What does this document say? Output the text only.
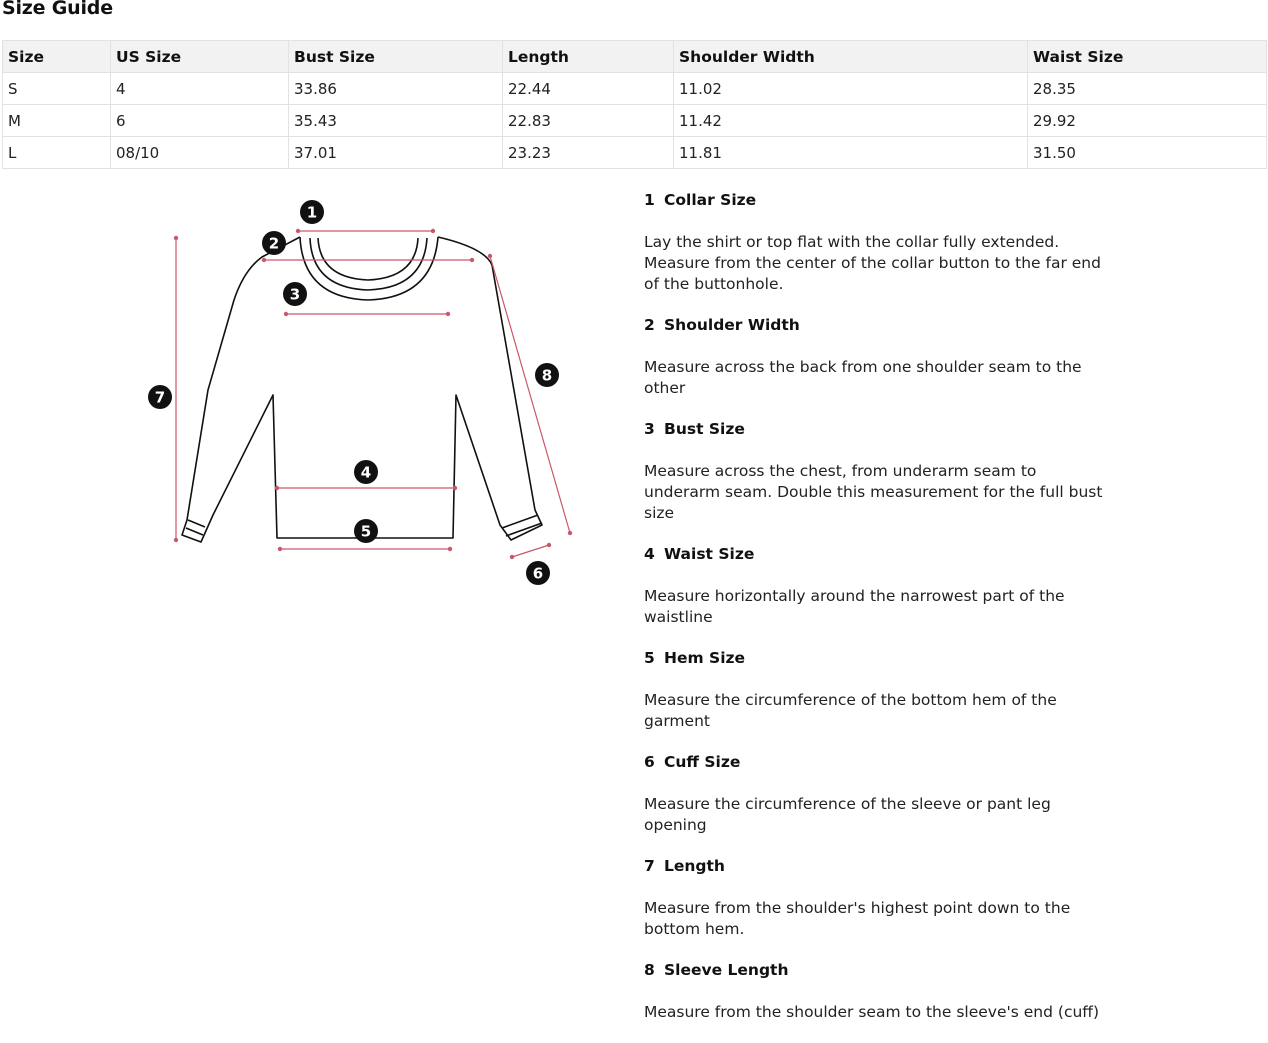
Size Guide
Size	US Size	Bust Size	Length	Shoulder Width	Waist Size
S	4	33.86	22.44	11.02	28.35
M	6	35.43	22.83	11.42	29.92
L	08/10	37.01	23.23	11.81	31.50
1
2
3
4
5
6
7
8
1 Collar Size
Lay the shirt or top flat with the collar fully extended. Measure from the center of the collar button to the far end of the buttonhole.
2 Shoulder Width
Measure across the back from one shoulder seam to the other
3 Bust Size
Measure across the chest, from underarm seam to underarm seam. Double this measurement for the full bust size
4 Waist Size
Measure horizontally around the narrowest part of the waistline
5 Hem Size
Measure the circumference of the bottom hem of the garment
6 Cuff Size
Measure the circumference of the sleeve or pant leg opening
7 Length
Measure from the shoulder's highest point down to the bottom hem.
8 Sleeve Length
Measure from the shoulder seam to the sleeve's end (cuff)
